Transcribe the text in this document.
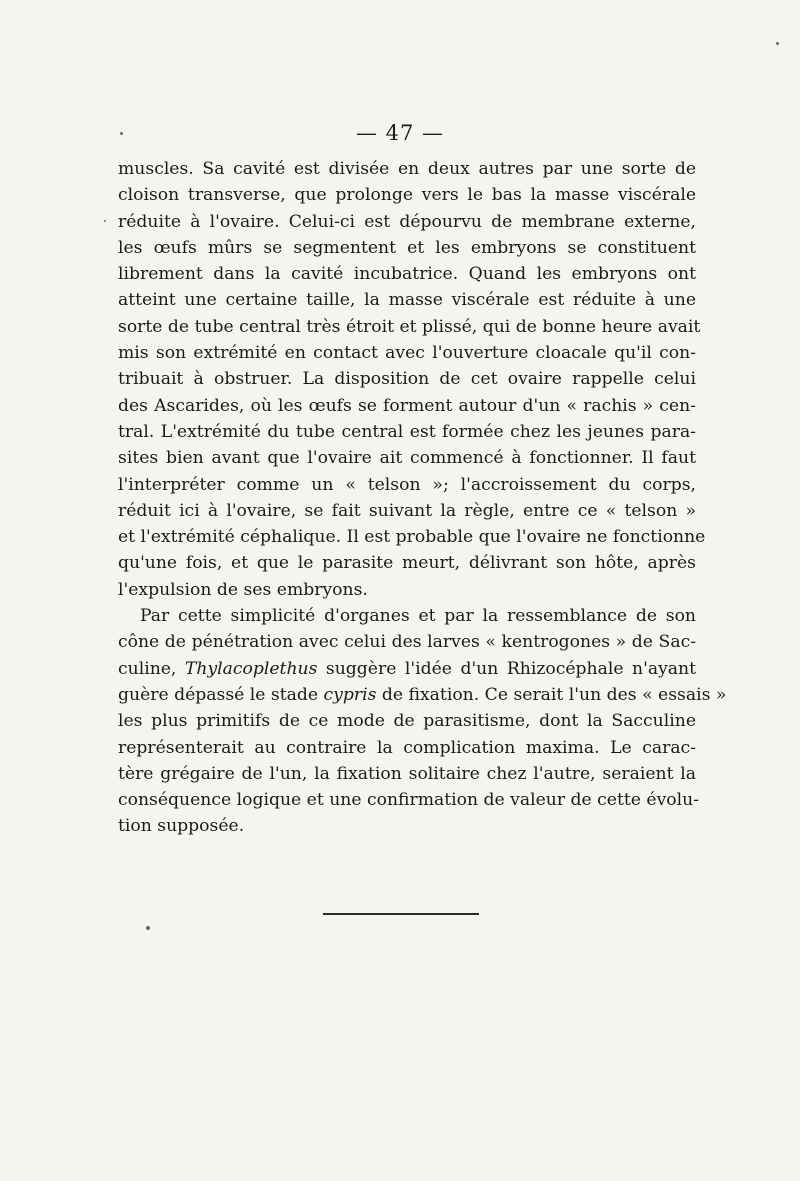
— 47 —
muscles. Sa cavité est divisée en deux autres par une sorte de
cloison transverse, que prolonge vers le bas la masse viscérale
réduite à l'ovaire. Celui-ci est dépourvu de membrane externe,
les œufs mûrs se segmentent et les embryons se constituent
librement dans la cavité incubatrice. Quand les embryons ont
atteint une certaine taille, la masse viscérale est réduite à une
sorte de tube central très étroit et plissé, qui de bonne heure avait
mis son extrémité en contact avec l'ouverture cloacale qu'il con-
tribuait à obstruer. La disposition de cet ovaire rappelle celui
des Ascarides, où les œufs se forment autour d'un « rachis » cen-
tral. L'extrémité du tube central est formée chez les jeunes para-
sites bien avant que l'ovaire ait commencé à fonctionner. Il faut
l'interpréter comme un « telson »; l'accroissement du corps,
réduit ici à l'ovaire, se fait suivant la règle, entre ce « telson »
et l'extrémité céphalique. Il est probable que l'ovaire ne fonctionne
qu'une fois, et que le parasite meurt, délivrant son hôte, après
l'expulsion de ses embryons.
Par cette simplicité d'organes et par la ressemblance de son
cône de pénétration avec celui des larves « kentrogones » de Sac-
culine, Thylacoplethus suggère l'idée d'un Rhizocéphale n'ayant
guère dépassé le stade cypris de fixation. Ce serait l'un des « essais »
les plus primitifs de ce mode de parasitisme, dont la Sacculine
représenterait au contraire la complication maxima. Le carac-
tère grégaire de l'un, la fixation solitaire chez l'autre, seraient la
conséquence logique et une confirmation de valeur de cette évolu-
tion supposée.
